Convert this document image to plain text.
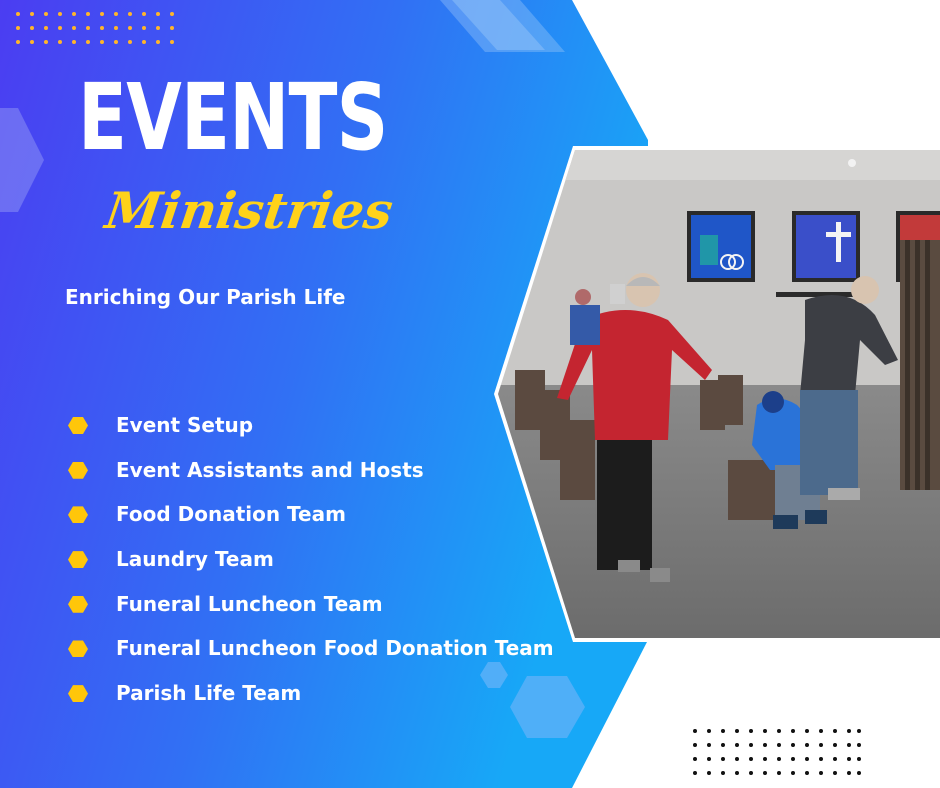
EVENTS
Ministries
Enriching Our Parish Life
Event Setup
Event Assistants and Hosts
Food Donation Team
Laundry Team
Funeral Luncheon Team
Funeral Luncheon Food Donation Team
Parish Life Team
